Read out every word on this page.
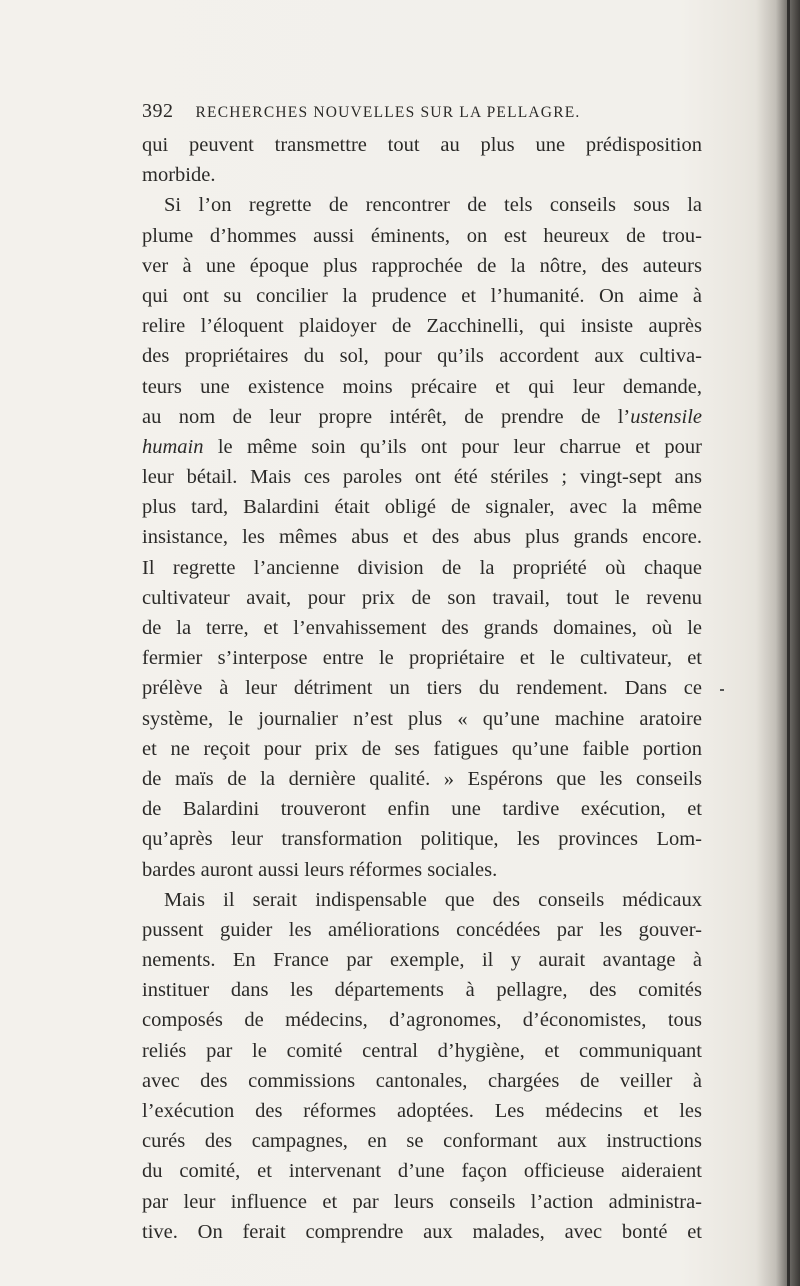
392 RECHERCHES NOUVELLES SUR LA PELLAGRE.
qui peuvent transmettre tout au plus une prédisposition
morbide.
Si l’on regrette de rencontrer de tels conseils sous la
plume d’hommes aussi éminents, on est heureux de trou-
ver à une époque plus rapprochée de la nôtre, des auteurs
qui ont su concilier la prudence et l’humanité. On aime à
relire l’éloquent plaidoyer de Zacchinelli, qui insiste auprès
des propriétaires du sol, pour qu’ils accordent aux cultiva-
teurs une existence moins précaire et qui leur demande,
au nom de leur propre intérêt, de prendre de l’ustensile
humain le même soin qu’ils ont pour leur charrue et pour
leur bétail. Mais ces paroles ont été stériles ; vingt-sept ans
plus tard, Balardini était obligé de signaler, avec la même
insistance, les mêmes abus et des abus plus grands encore.
Il regrette l’ancienne division de la propriété où chaque
cultivateur avait, pour prix de son travail, tout le revenu
de la terre, et l’envahissement des grands domaines, où le
fermier s’interpose entre le propriétaire et le cultivateur, et
prélève à leur détriment un tiers du rendement. Dans ce
système, le journalier n’est plus « qu’une machine aratoire
et ne reçoit pour prix de ses fatigues qu’une faible portion
de maïs de la dernière qualité. » Espérons que les conseils
de Balardini trouveront enfin une tardive exécution, et
qu’après leur transformation politique, les provinces Lom-
bardes auront aussi leurs réformes sociales.
Mais il serait indispensable que des conseils médicaux
pussent guider les améliorations concédées par les gouver-
nements. En France par exemple, il y aurait avantage à
instituer dans les départements à pellagre, des comités
composés de médecins, d’agronomes, d’économistes, tous
reliés par le comité central d’hygiène, et communiquant
avec des commissions cantonales, chargées de veiller à
l’exécution des réformes adoptées. Les médecins et les
curés des campagnes, en se conformant aux instructions
du comité, et intervenant d’une façon officieuse aideraient
par leur influence et par leurs conseils l’action administra-
tive. On ferait comprendre aux malades, avec bonté et
